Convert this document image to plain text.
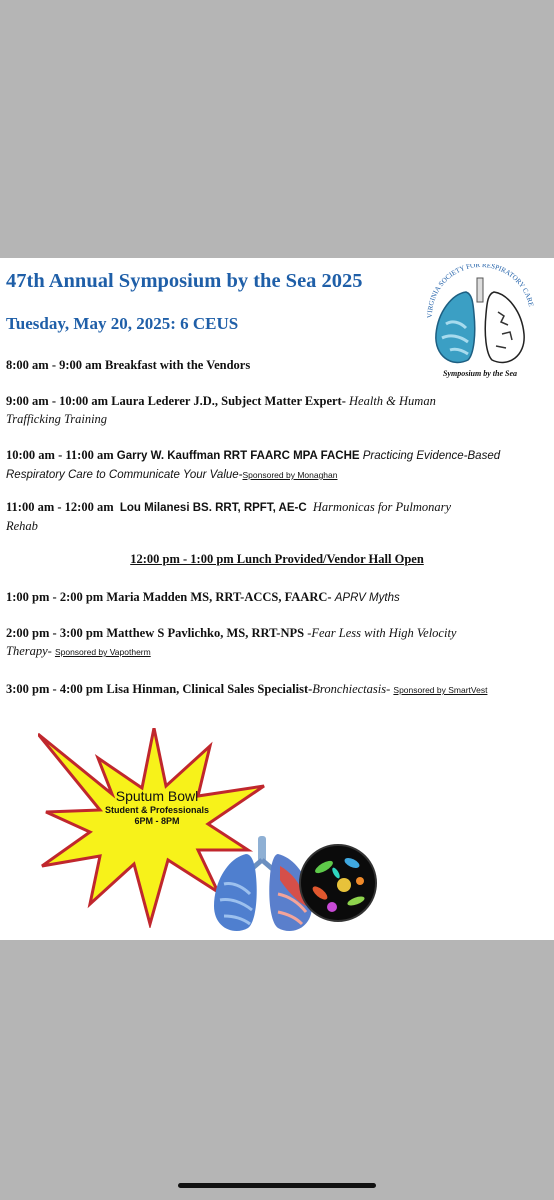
47th Annual Symposium by the Sea 2025
Tuesday, May 20, 2025: 6 CEUS	VIRGINIA SOCIETY FOR RESPIRATORY CARE
Symposium by the Sea
8:00 am - 9:00 am Breakfast with the Vendors
9:00 am - 10:00 am Laura Lederer J.D., Subject Matter Expert- Health & Human
Trafficking Training
10:00 am - 11:00 am Garry W. Kauffman RRT FAARC MPA FACHE Practicing Evidence-Based
Respiratory Care to Communicate Your Value-Sponsored by Monaghan
11:00 am - 12:00 am Lou Milanesi BS. RRT, RPFT, AE-C Harmonicas for Pulmonary
Rehab
12:00 pm - 1:00 pm Lunch Provided/Vendor Hall Open
1:00 pm - 2:00 pm Maria Madden MS, RRT-ACCS, FAARC- APRV Myths
2:00 pm - 3:00 pm Matthew S Pavlichko, MS, RRT-NPS -Fear Less with High Velocity
Therapy- Sponsored by Vapotherm
3:00 pm - 4:00 pm Lisa Hinman, Clinical Sales Specialist-Bronchiectasis- Sponsored by SmartVest
Sputum Bowl
Student & Professionals
6PM - 8PM
